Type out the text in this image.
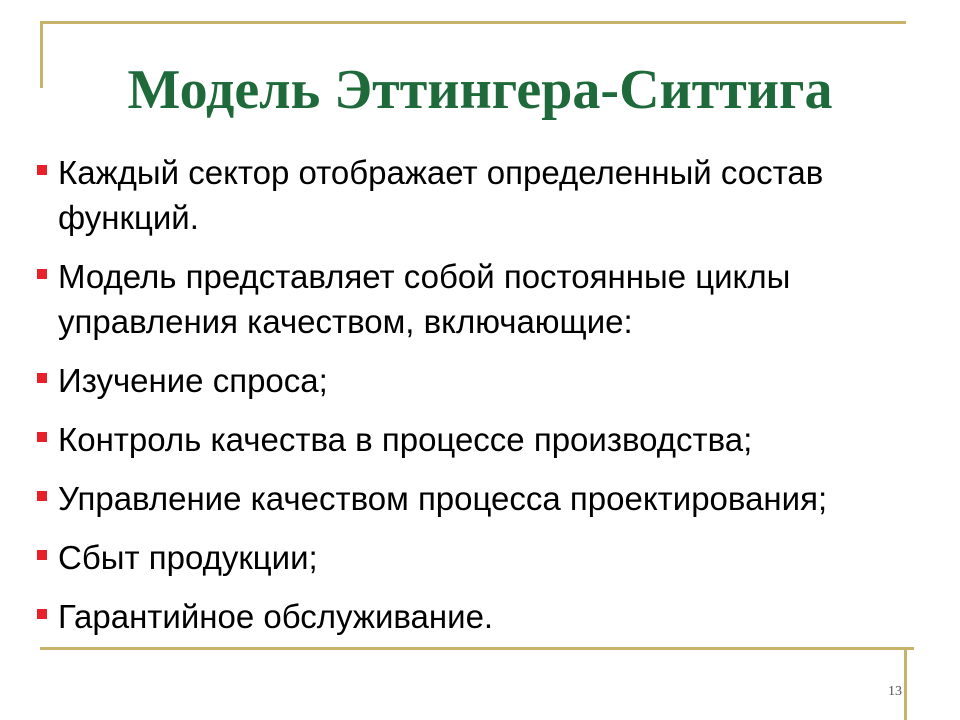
Модель Эттингера-Ситтига
Каждый сектор отображает определенный состав функций.
Модель представляет собой постоянные циклы управления качеством, включающие:
Изучение спроса;
Контроль качества в процессе производства;
Управление качеством процесса проектирования;
Сбыт продукции;
Гарантийное обслуживание.
13
